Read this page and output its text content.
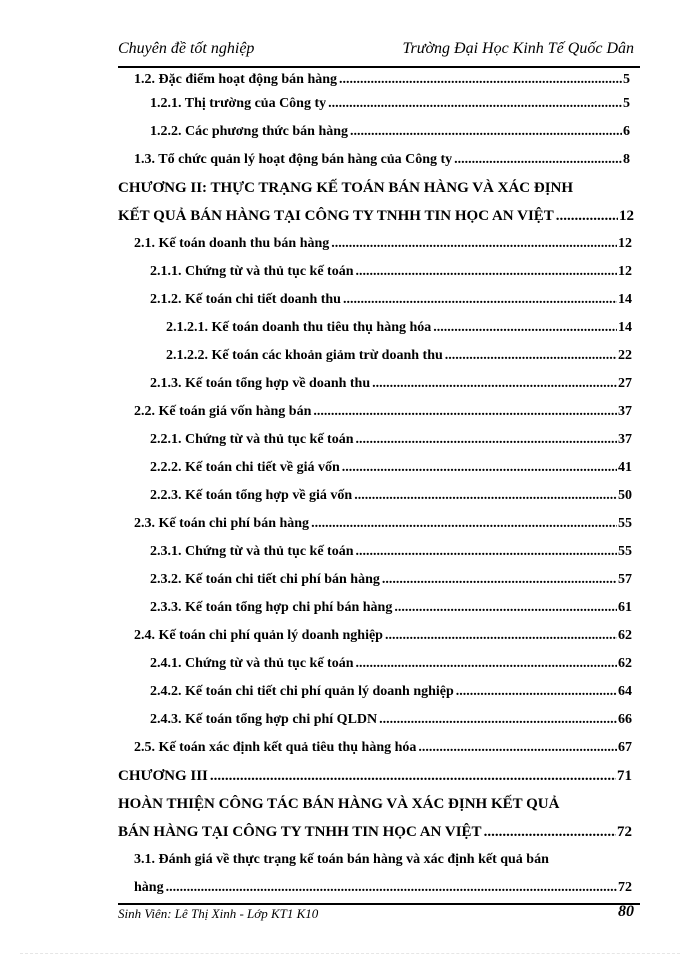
Chuyên đề tốt nghiệp	Trường Đại Học Kinh Tế Quốc Dân
1.2. Đặc điểm hoạt động bán hàng .....	5
1.2.1. Thị trường của Công ty .....	5
1.2.2. Các phương thức bán hàng .....	6
1.3. Tổ chức quản lý hoạt động bán hàng của Công ty .....	8
CHƯƠNG II: THỰC TRẠNG KẾ TOÁN BÁN HÀNG VÀ XÁC ĐỊNH
KẾT QUẢ BÁN HÀNG TẠI CÔNG TY TNHH TIN HỌC AN VIỆT .....	12
2.1. Kế toán doanh thu bán hàng .....	12
2.1.1. Chứng từ và thủ tục kế toán .....	12
2.1.2. Kế toán chi tiết doanh thu .....	14
2.1.2.1. Kế toán doanh thu tiêu thụ hàng hóa .....	14
2.1.2.2. Kế toán các khoản giảm trừ doanh thu .....	22
2.1.3. Kế toán tổng hợp về doanh thu .....	27
2.2. Kế toán giá vốn hàng bán .....	37
2.2.1. Chứng từ và thủ tục kế toán .....	37
2.2.2. Kế toán chi tiết về giá vốn .....	41
2.2.3. Kế toán tổng hợp về giá vốn .....	50
2.3. Kế toán chi phí bán hàng .....	55
2.3.1. Chứng từ và thủ tục kế toán .....	55
2.3.2. Kế toán chi tiết chi phí bán hàng .....	57
2.3.3. Kế toán tổng hợp chi phí bán hàng .....	61
2.4. Kế toán chi phí quản lý doanh nghiệp .....	62
2.4.1. Chứng từ và thủ tục kế toán .....	62
2.4.2. Kế toán chi tiết chi phí quản lý doanh nghiệp .....	64
2.4.3. Kế toán tổng hợp chi phí QLDN .....	66
2.5. Kế toán xác định kết quả tiêu thụ hàng hóa .....	67
CHƯƠNG III .....	71
HOÀN THIỆN CÔNG TÁC BÁN HÀNG VÀ XÁC ĐỊNH KẾT QUẢ
BÁN HÀNG TẠI CÔNG TY TNHH TIN HỌC AN VIỆT .....	72
3.1. Đánh giá về thực trạng kế toán bán hàng và xác định kết quả bán
hàng .....	72
Sinh Viên: Lê Thị Xinh - Lớp KT1 K10	80
